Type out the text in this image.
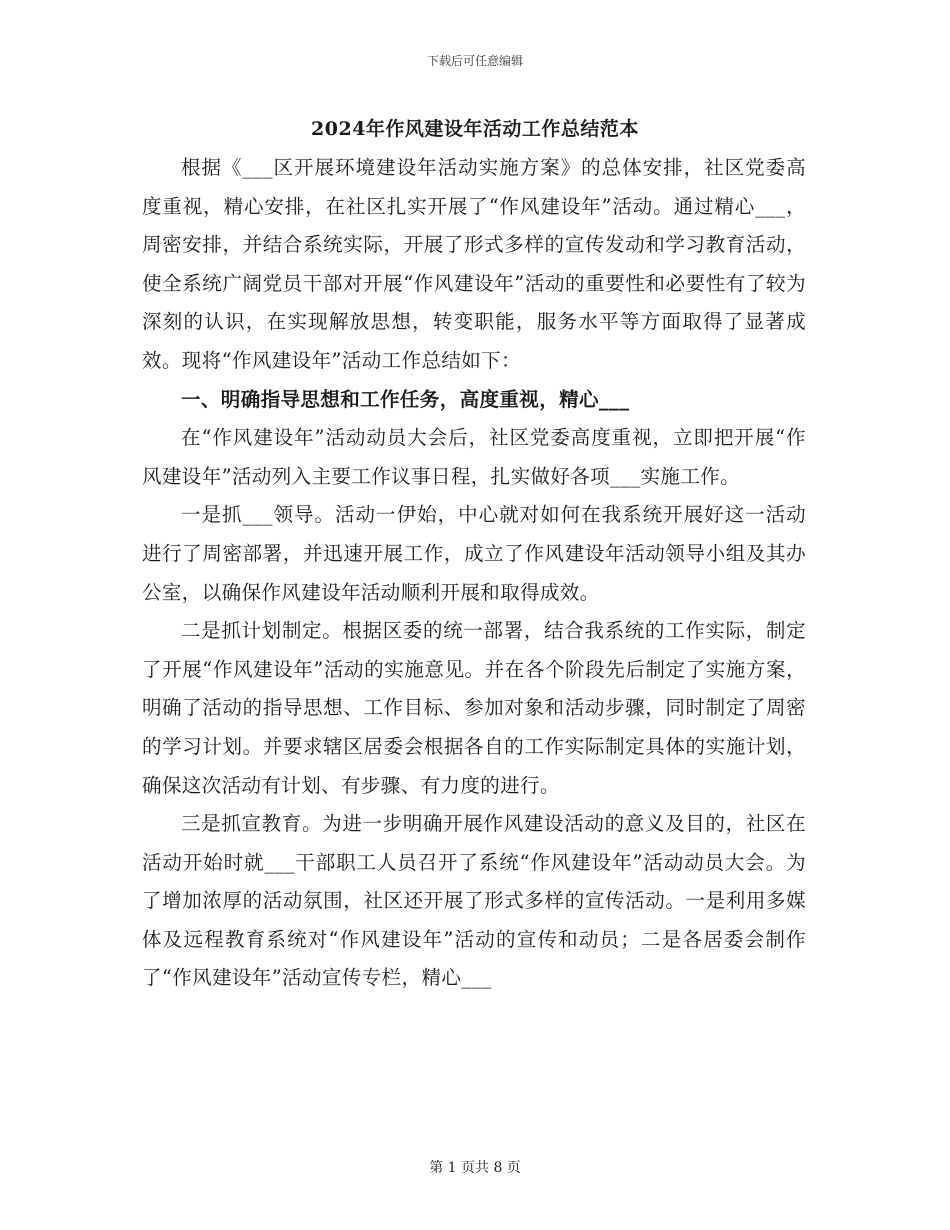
下载后可任意编辑
2024年作风建设年活动工作总结范本

根据《___区开展环境建设年活动实施方案》的总体安排，社区党委高度重视，精心安排，在社区扎实开展了“作风建设年”活动。通过精心___，周密安排，并结合系统实际，开展了形式多样的宣传发动和学习教育活动，使全系统广阔党员干部对开展“作风建设年”活动的重要性和必要性有了较为深刻的认识，在实现解放思想，转变职能，服务水平等方面取得了显著成效。现将“作风建设年”活动工作总结如下：

一、明确指导思想和工作任务，高度重视，精心___

在“作风建设年”活动动员大会后，社区党委高度重视，立即把开展“作风建设年”活动列入主要工作议事日程，扎实做好各项___实施工作。

一是抓___领导。活动一伊始，中心就对如何在我系统开展好这一活动进行了周密部署，并迅速开展工作，成立了作风建设年活动领导小组及其办公室，以确保作风建设年活动顺利开展和取得成效。

二是抓计划制定。根据区委的统一部署，结合我系统的工作实际，制定了开展“作风建设年”活动的实施意见。并在各个阶段先后制定了实施方案，明确了活动的指导思想、工作目标、参加对象和活动步骤，同时制定了周密的学习计划。并要求辖区居委会根据各自的工作实际制定具体的实施计划，确保这次活动有计划、有步骤、有力度的进行。

三是抓宣教育。为进一步明确开展作风建设活动的意义及目的，社区在活动开始时就___干部职工人员召开了系统“作风建设年”活动动员大会。为了增加浓厚的活动氛围，社区还开展了形式多样的宣传活动。一是利用多媒体及远程教育系统对“作风建设年”活动的宣传和动员；二是各居委会制作了“作风建设年”活动宣传专栏，精心___

第 1 页共 8 页
